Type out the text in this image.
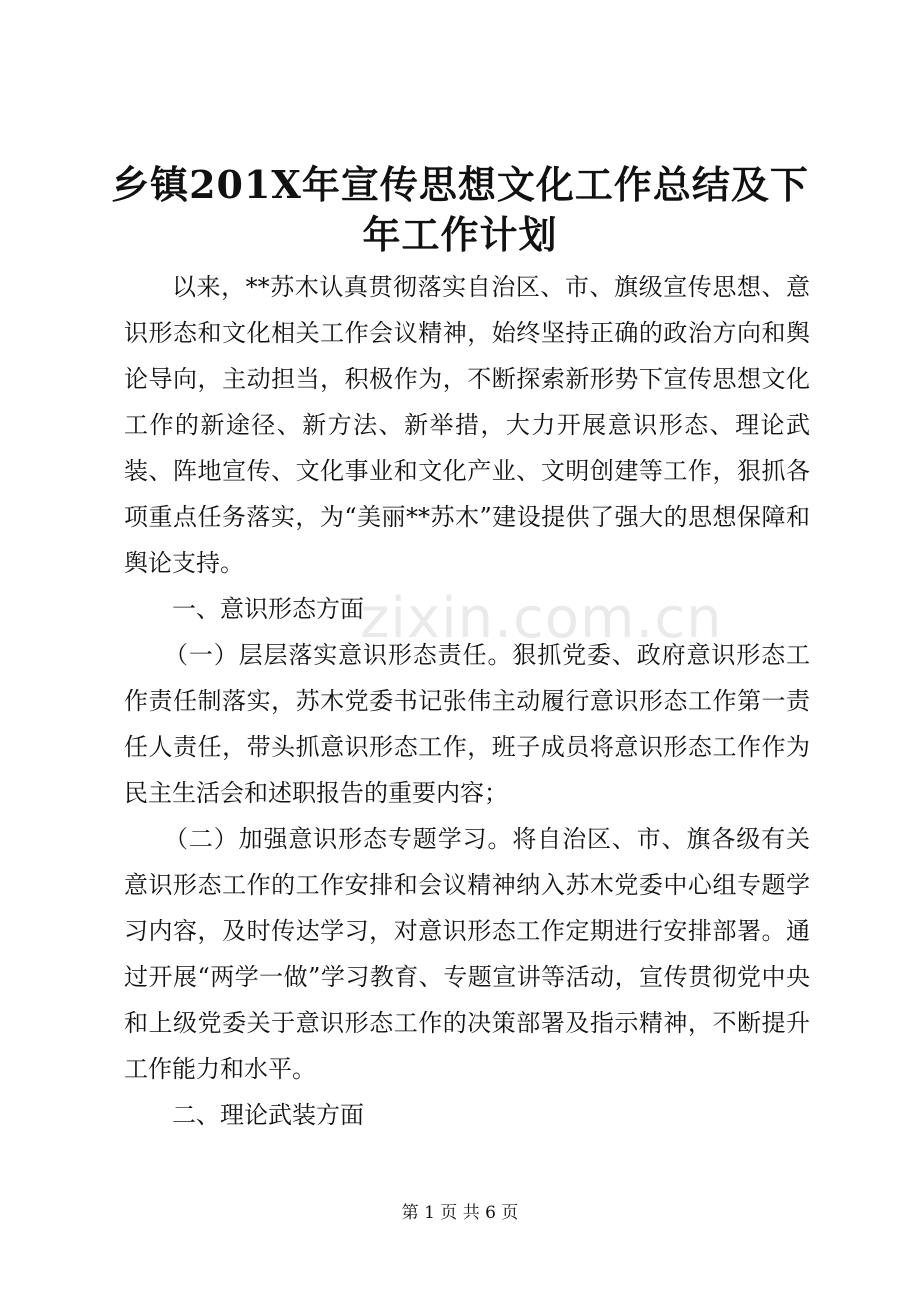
乡镇201X年宣传思想文化工作总结及下年工作计划
zixin.com.cn

以来，**苏木认真贯彻落实自治区、市、旗级宣传思想、意识形态和文化相关工作会议精神，始终坚持正确的政治方向和舆论导向，主动担当，积极作为，不断探索新形势下宣传思想文化工作的新途径、新方法、新举措，大力开展意识形态、理论武装、阵地宣传、文化事业和文化产业、文明创建等工作，狠抓各项重点任务落实，为“美丽**苏木”建设提供了强大的思想保障和舆论支持。

一、意识形态方面

（一）层层落实意识形态责任。狠抓党委、政府意识形态工作责任制落实，苏木党委书记张伟主动履行意识形态工作第一责任人责任，带头抓意识形态工作，班子成员将意识形态工作作为民主生活会和述职报告的重要内容；

（二）加强意识形态专题学习。将自治区、市、旗各级有关意识形态工作的工作安排和会议精神纳入苏木党委中心组专题学习内容，及时传达学习，对意识形态工作定期进行安排部署。通过开展“两学一做”学习教育、专题宣讲等活动，宣传贯彻党中央和上级党委关于意识形态工作的决策部署及指示精神，不断提升工作能力和水平。

二、理论武装方面

第 1 页 共 6 页
